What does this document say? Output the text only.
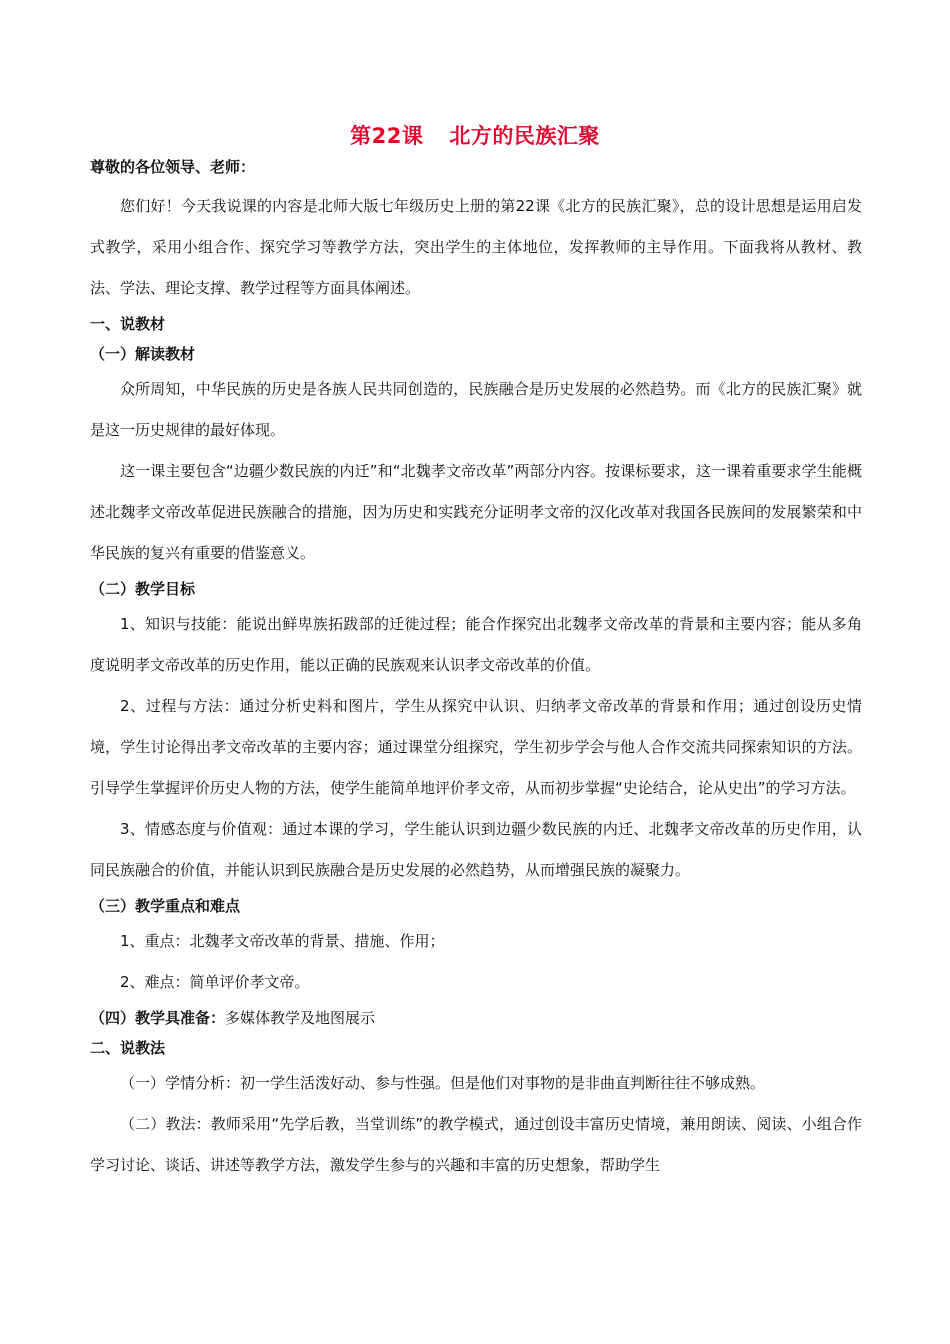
第22课 北方的民族汇聚

尊敬的各位领导、老师：

您们好！今天我说课的内容是北师大版七年级历史上册的第22课《北方的民族汇聚》，总的设计思想是运用启发式教学，采用小组合作、探究学习等教学方法，突出学生的主体地位，发挥教师的主导作用。下面我将从教材、教法、学法、理论支撑、教学过程等方面具体阐述。

一、说教材

（一）解读教材

众所周知，中华民族的历史是各族人民共同创造的，民族融合是历史发展的必然趋势。而《北方的民族汇聚》就是这一历史规律的最好体现。

这一课主要包含“边疆少数民族的内迁”和“北魏孝文帝改革”两部分内容。按课标要求，这一课着重要求学生能概述北魏孝文帝改革促进民族融合的措施，因为历史和实践充分证明孝文帝的汉化改革对我国各民族间的发展繁荣和中华民族的复兴有重要的借鉴意义。

（二）教学目标

1、知识与技能：能说出鲜卑族拓跋部的迁徙过程；能合作探究出北魏孝文帝改革的背景和主要内容；能从多角度说明孝文帝改革的历史作用，能以正确的民族观来认识孝文帝改革的价值。

2、过程与方法：通过分析史料和图片，学生从探究中认识、归纳孝文帝改革的背景和作用；通过创设历史情境，学生讨论得出孝文帝改革的主要内容；通过课堂分组探究，学生初步学会与他人合作交流共同探索知识的方法。引导学生掌握评价历史人物的方法，使学生能简单地评价孝文帝，从而初步掌握“史论结合，论从史出”的学习方法。

3、情感态度与价值观：通过本课的学习，学生能认识到边疆少数民族的内迁、北魏孝文帝改革的历史作用，认同民族融合的价值，并能认识到民族融合是历史发展的必然趋势，从而增强民族的凝聚力。

（三）教学重点和难点

1、重点：北魏孝文帝改革的背景、措施、作用；

2、难点：简单评价孝文帝。

（四）教学具准备：多媒体教学及地图展示

二、说教法

（一）学情分析：初一学生活泼好动、参与性强。但是他们对事物的是非曲直判断往往不够成熟。

（二）教法：教师采用“先学后教，当堂训练”的教学模式，通过创设丰富历史情境，兼用朗读、阅读、小组合作学习讨论、谈话、讲述等教学方法，激发学生参与的兴趣和丰富的历史想象，帮助学生
